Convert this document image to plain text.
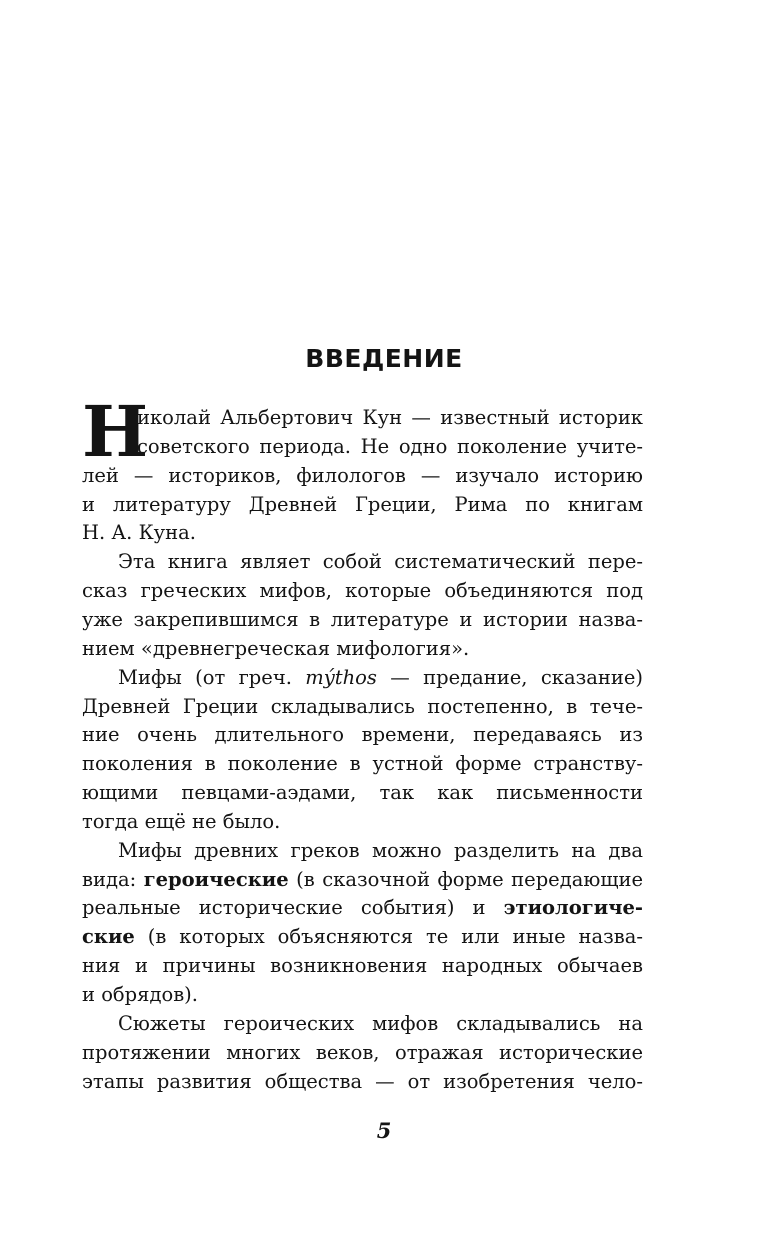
ВВЕДЕНИЕ
Н
иколай Альбертович Кун — известный историк
советского периода. Не одно поколение учите-
лей — историков, филологов — изучало историю
и литературу Древней Греции, Рима по книгам
Н. А. Куна.
Эта книга являет собой систематический пере-
сказ греческих мифов, которые объединяются под
уже закрепившимся в литературе и истории назва-
нием «древнегреческая мифология».
Мифы (от греч. mýthos — предание, сказание)
Древней Греции складывались постепенно, в тече-
ние очень длительного времени, передаваясь из
поколения в поколение в устной форме странству-
ющими певцами-аэдами, так как письменности
тогда ещё не было.
Мифы древних греков можно разделить на два
вида: героические (в сказочной форме передающие
реальные исторические события) и этиологиче-
ские (в которых объясняются те или иные назва-
ния и причины возникновения народных обычаев
и обрядов).
Сюжеты героических мифов складывались на
протяжении многих веков, отражая исторические
этапы развития общества — от изобретения чело-
5
